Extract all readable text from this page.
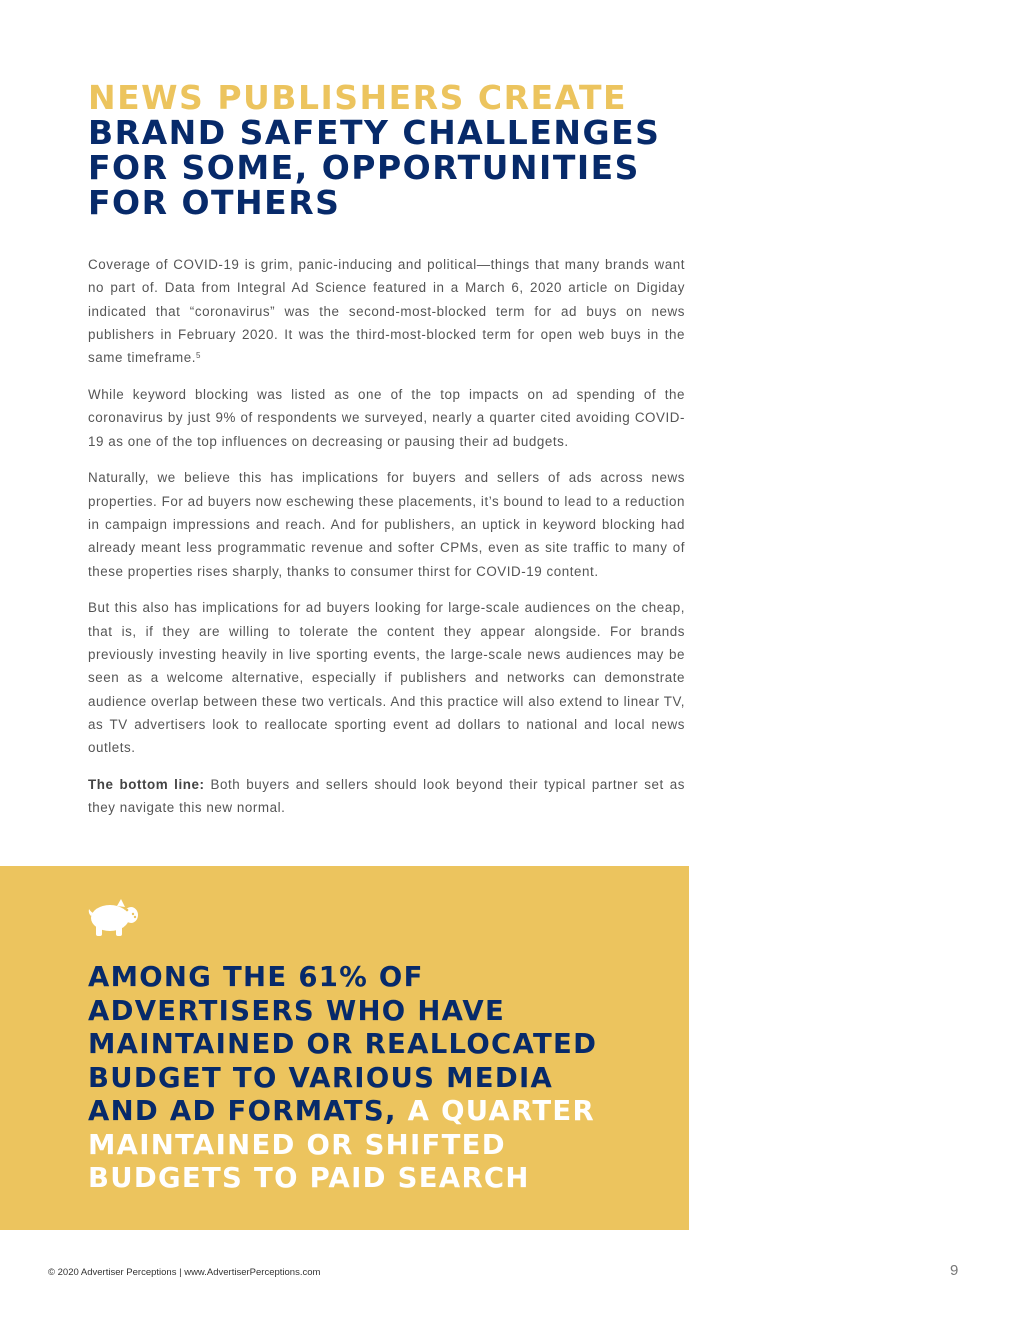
NEWS PUBLISHERS CREATE
BRAND SAFETY CHALLENGES
FOR SOME, OPPORTUNITIES
FOR OTHERS

Coverage of COVID-19 is grim, panic-inducing and political—things that many brands want no part of. Data from Integral Ad Science featured in a March 6, 2020 article on Digiday indicated that “coronavirus” was the second-most-blocked term for ad buys on news publishers in February 2020. It was the third-most-blocked term for open web buys in the same timeframe.$^5$

While keyword blocking was listed as one of the top impacts on ad spending of the coronavirus by just 9% of respondents we surveyed, nearly a quarter cited avoiding COVID-19 as one of the top influences on decreasing or pausing their ad budgets.

Naturally, we believe this has implications for buyers and sellers of ads across news properties. For ad buyers now eschewing these placements, it’s bound to lead to a reduction in campaign impressions and reach. And for publishers, an uptick in keyword blocking had already meant less programmatic revenue and softer CPMs, even as site traffic to many of these properties rises sharply, thanks to consumer thirst for COVID-19 content.

But this also has implications for ad buyers looking for large-scale audiences on the cheap, that is, if they are willing to tolerate the content they appear alongside. For brands previously investing heavily in live sporting events, the large-scale news audiences may be seen as a welcome alternative, especially if publishers and networks can demonstrate audience overlap between these two verticals. And this practice will also extend to linear TV, as TV advertisers look to reallocate sporting event ad dollars to national and local news outlets.

The bottom line: Both buyers and sellers should look beyond their typical partner set as they navigate this new normal.

AMONG THE 61% OF
ADVERTISERS WHO HAVE
MAINTAINED OR REALLOCATED
BUDGET TO VARIOUS MEDIA
AND AD FORMATS, A QUARTER
MAINTAINED OR SHIFTED
BUDGETS TO PAID SEARCH
© 2020 Advertiser Perceptions | www.AdvertiserPerceptions.com	9
